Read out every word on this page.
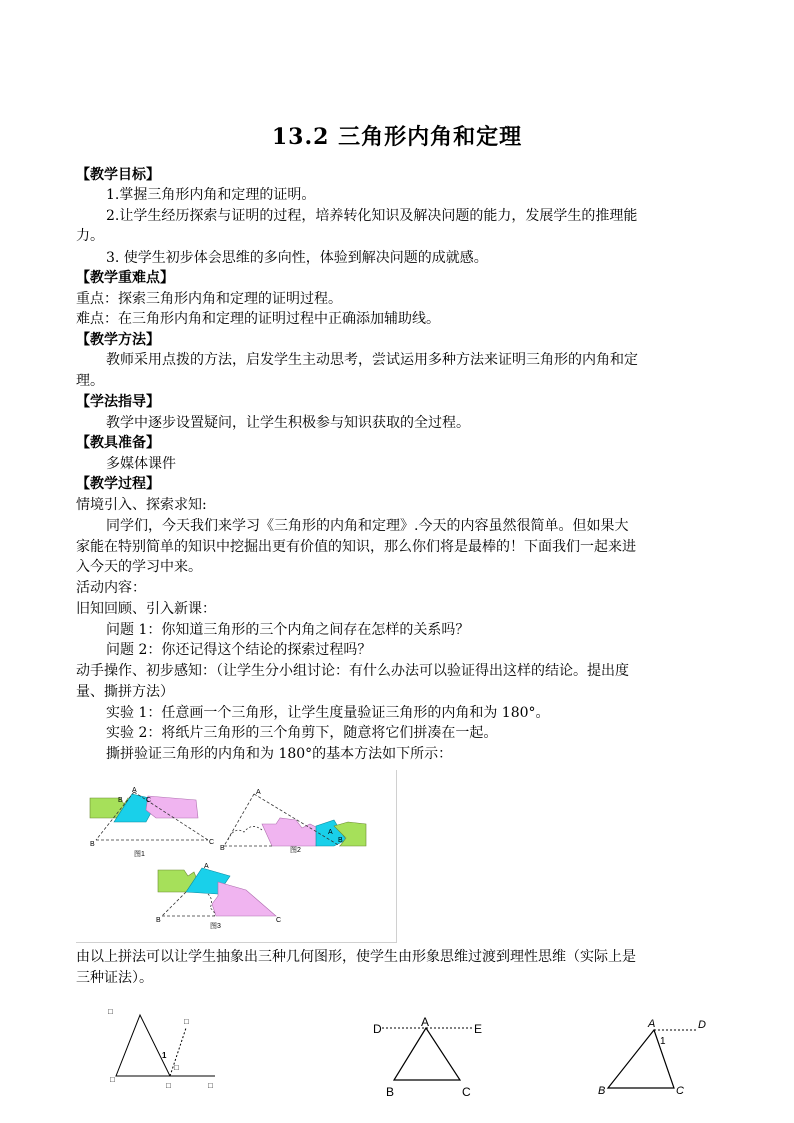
13.2 三角形内角和定理
【教学目标】
1.掌握三角形内角和定理的证明。
2.让学生经历探索与证明的过程，培养转化知识及解决问题的能力，发展学生的推理能
力。
3. 使学生初步体会思维的多向性，体验到解决问题的成就感。
【教学重难点】
重点：探索三角形内角和定理的证明过程。
难点：在三角形内角和定理的证明过程中正确添加辅助线。
【教学方法】
教师采用点拨的方法，启发学生主动思考，尝试运用多种方法来证明三角形的内角和定
理。
【学法指导】
教学中逐步设置疑问，让学生积极参与知识获取的全过程。
【教具准备】
多媒体课件
【教学过程】
情境引入、探索求知:
同学们，今天我们来学习《三角形的内角和定理》.今天的内容虽然很简单。但如果大
家能在特别简单的知识中挖掘出更有价值的知识，那么你们将是最棒的！下面我们一起来进
入今天的学习中来。
活动内容：
旧知回顾、引入新课：
问题 1：你知道三角形的三个内角之间存在怎样的关系吗？
问题 2：你还记得这个结论的探索过程吗？
动手操作、初步感知：（让学生分小组讨论：有什么办法可以验证得出这样的结论。提出度
量、撕拼方法）
实验 1：任意画一个三角形，让学生度量验证三角形的内角和为 180°。
实验 2：将纸片三角形的三个角剪下，随意将它们拼凑在一起。
撕拼验证三角形的内角和为 180°的基本方法如下所示：
A
B	C
B	C
图1
A
B
A
B
图2
A
B	C
图3
由以上拼法可以让学生抽象出三种几何图形，使学生由形象思维过渡到理性思维（实际上是
三种证法）。
□
□
1
□
□
□	□
D	A	E
B	C
A	D
1
B	C
